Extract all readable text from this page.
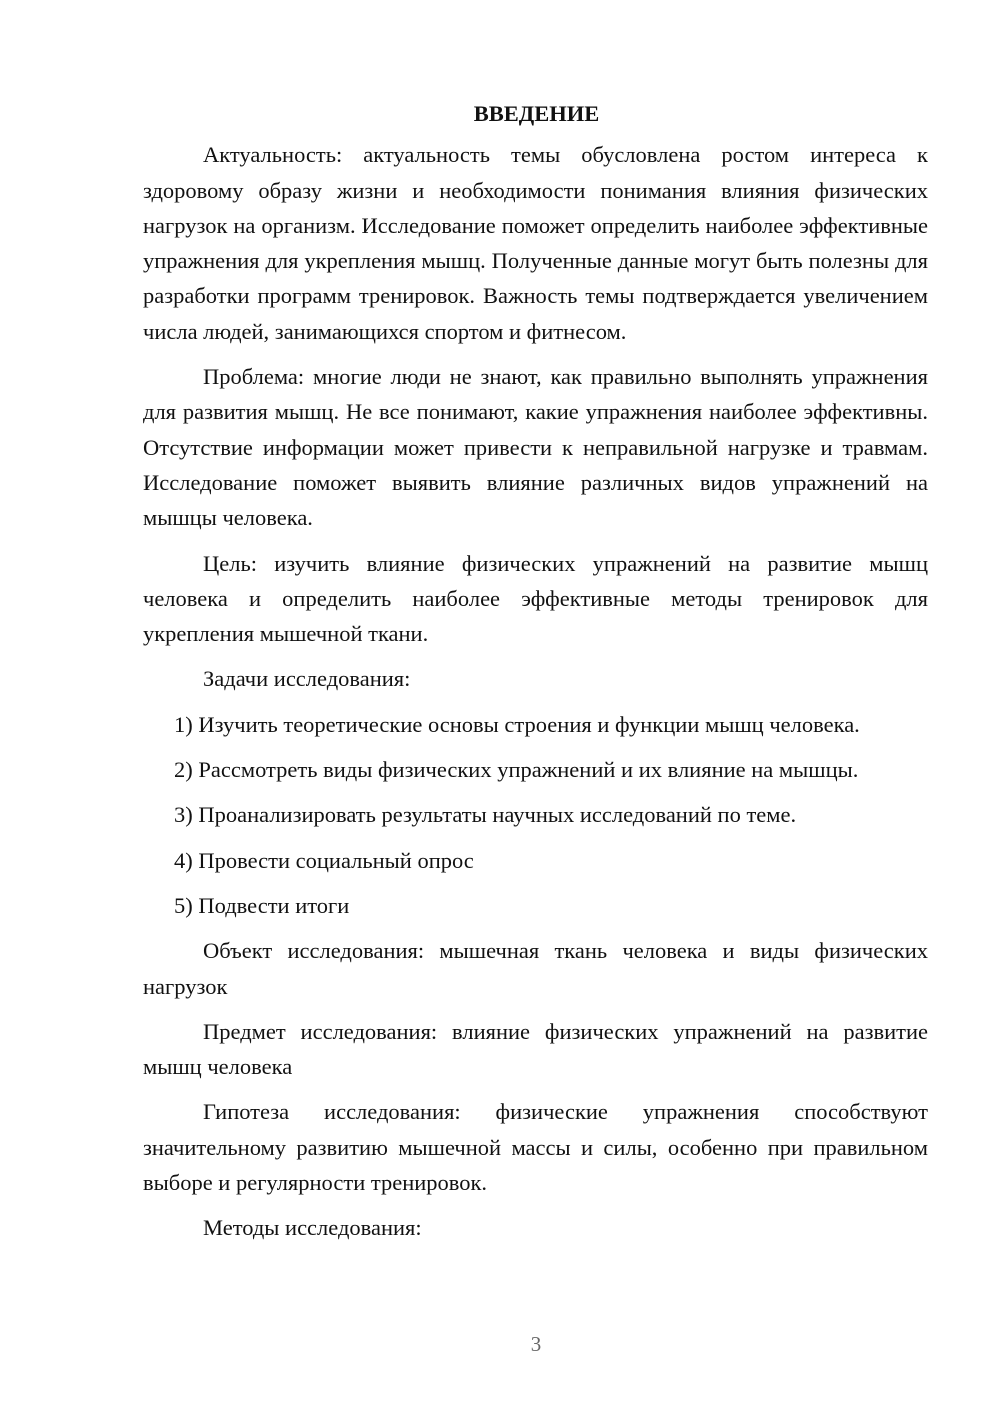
ВВЕДЕНИЕ

Актуальность: актуальность темы обусловлена ростом интереса к здоровому образу жизни и необходимости понимания влияния физических нагрузок на организм. Исследование поможет определить наиболее эффективные упражнения для укрепления мышц. Полученные данные могут быть полезны для разработки программ тренировок. Важность темы подтверждается увеличением числа людей, занимающихся спортом и фитнесом.

Проблема: многие люди не знают, как правильно выполнять упражнения для развития мышц. Не все понимают, какие упражнения наиболее эффективны. Отсутствие информации может привести к неправильной нагрузке и травмам. Исследование поможет выявить влияние различных видов упражнений на мышцы человека.

Цель: изучить влияние физических упражнений на развитие мышц человека и определить наиболее эффективные методы тренировок для укрепления мышечной ткани.

Задачи исследования:

1) Изучить теоретические основы строения и функции мышц человека.
2) Рассмотреть виды физических упражнений и их влияние на мышцы.
3) Проанализировать результаты научных исследований по теме.
4) Провести социальный опрос
5) Подвести итоги

Объект исследования: мышечная ткань человека и виды физических нагрузок

Предмет исследования: влияние физических упражнений на развитие мышц человека

Гипотеза исследования: физические упражнения способствуют значительному развитию мышечной массы и силы, особенно при правильном выборе и регулярности тренировок.

Методы исследования:

3
